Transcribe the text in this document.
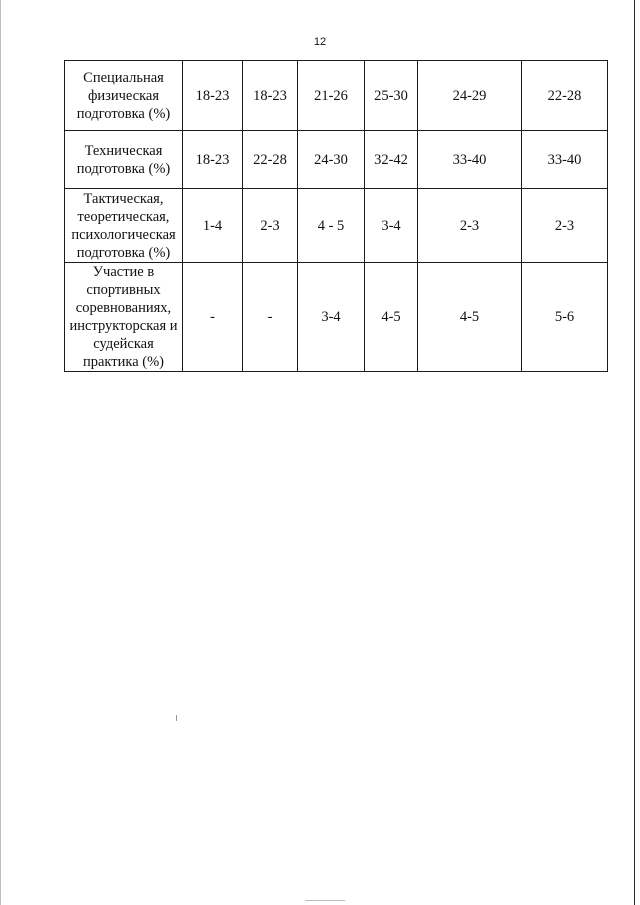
12
Специальная физическая подготовка (%)	18-23	18-23	21-26	25-30	24-29	22-28
Техническая подготовка (%)	18-23	22-28	24-30	32-42	33-40	33-40
Тактическая, теоретическая, психологическая подготовка (%)	1-4	2-3	4 - 5	3-4	2-3	2-3
Участие в спортивных соревнованиях, инструкторская и судейская практика (%)	-	-	3-4	4-5	4-5	5-6
